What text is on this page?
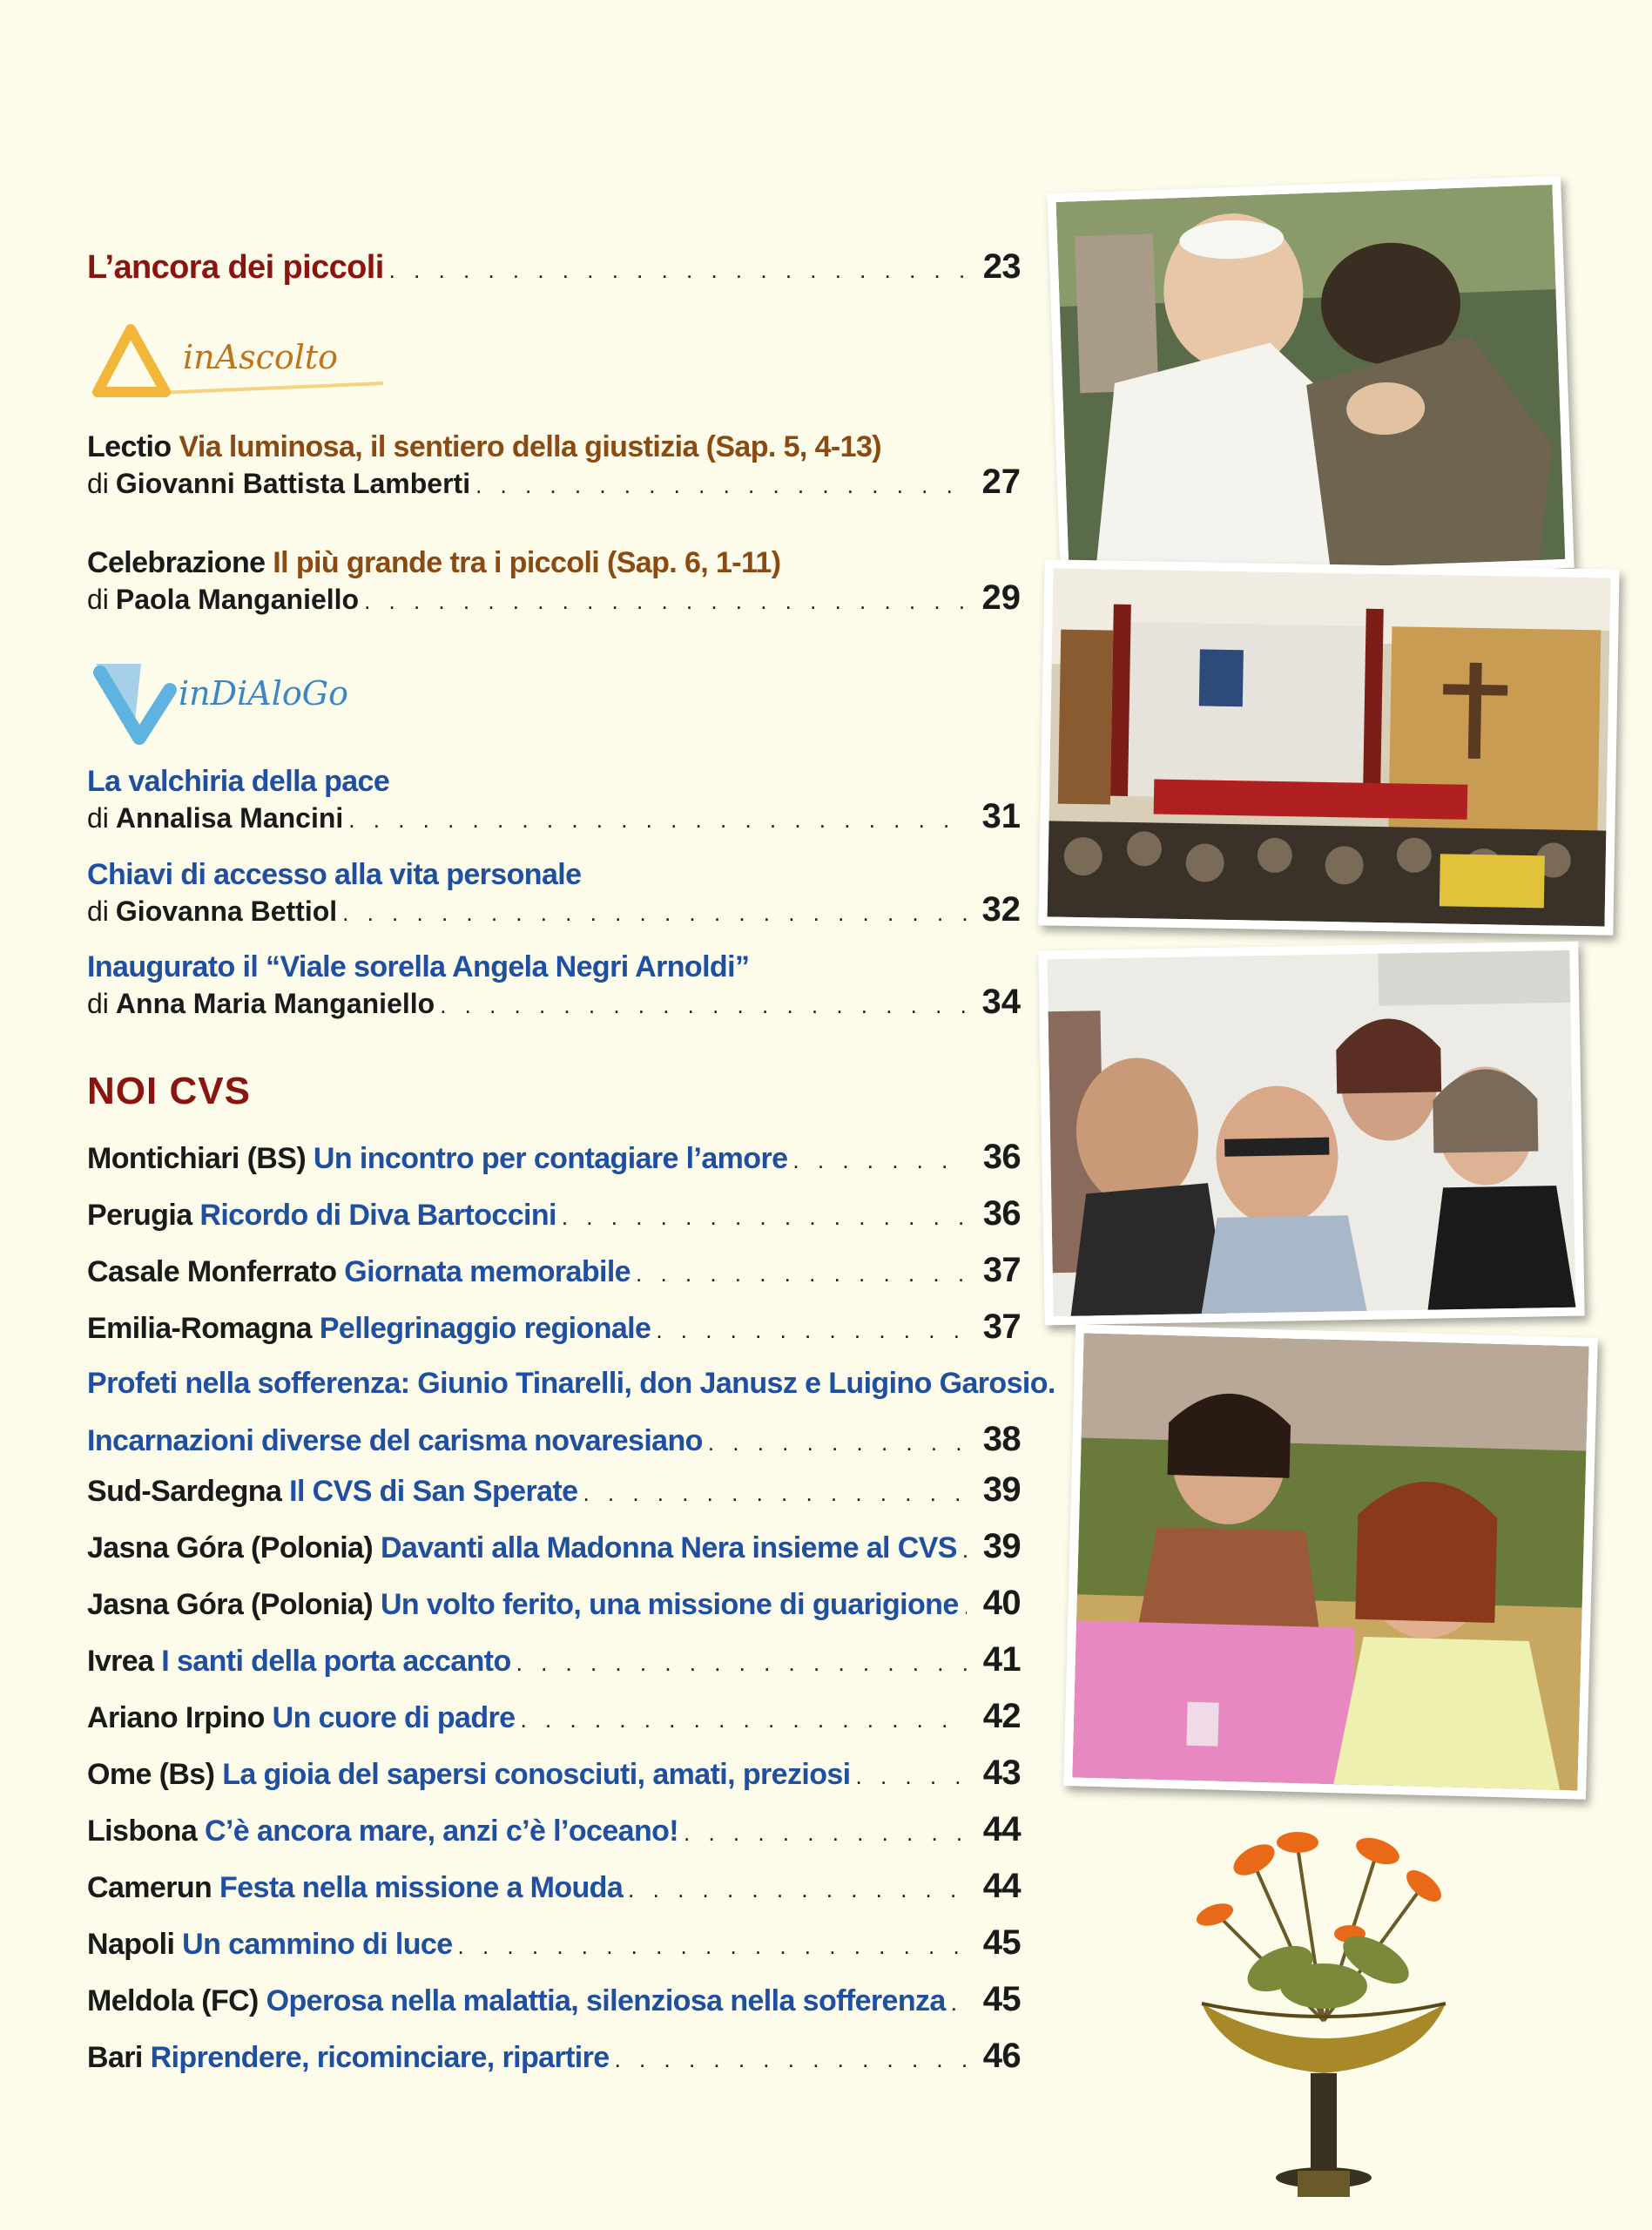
L’ancora dei piccoli . . .	23
Lectio
Via luminosa, il sentiero della giustizia (Sap. 5, 4-13)
di Giovanni Battista Lamberti . . .	27
Celebrazione
Il più grande tra i piccoli (Sap. 6, 1-11)
di Paola Manganiello . . .	29
La valchiria della pace
di Annalisa Mancini . . .	31
Chiavi di accesso alla vita personale
di Giovanna Bettiol . . .	32
Inaugurato il “Viale sorella Angela Negri Arnoldi”
di Anna Maria Manganiello . . .	34
Montichiari (BS)
Un incontro per contagiare l’amore . . .	36
Perugia
Ricordo di Diva Bartoccini . . .	36
Casale Monferrato
Giornata memorabile . . .	37
Emilia-Romagna
Pellegrinaggio regionale . . .	37
Profeti nella sofferenza: Giunio Tinarelli, don Janusz e Luigino Garosio.
Incarnazioni diverse del carisma novaresiano . . .	38
Sud-Sardegna
Il CVS di San Sperate . . .	39
Jasna Góra (Polonia)
Davanti alla Madonna Nera insieme al CVS . . . 39
Jasna Góra (Polonia)
Un volto ferito, una missione di guarigione . . . 40
Ivrea
I santi della porta accanto . . .	41
Ariano Irpino
Un cuore di padre . . .	42
Ome (Bs)
La gioia del sapersi conosciuti, amati, preziosi . . .	43
Lisbona
C’è ancora mare, anzi c’è l’oceano! . . .	44
Camerun
Festa nella missione a Mouda . . .	44
Napoli
Un cammino di luce . . .	45
Meldola (FC)
Operosa nella malattia, silenziosa nella sofferenza . . . 45
Bari
Riprendere, ricominciare, ripartire . . .	46
NOI CVS
inAscolto
inDiAloGo
